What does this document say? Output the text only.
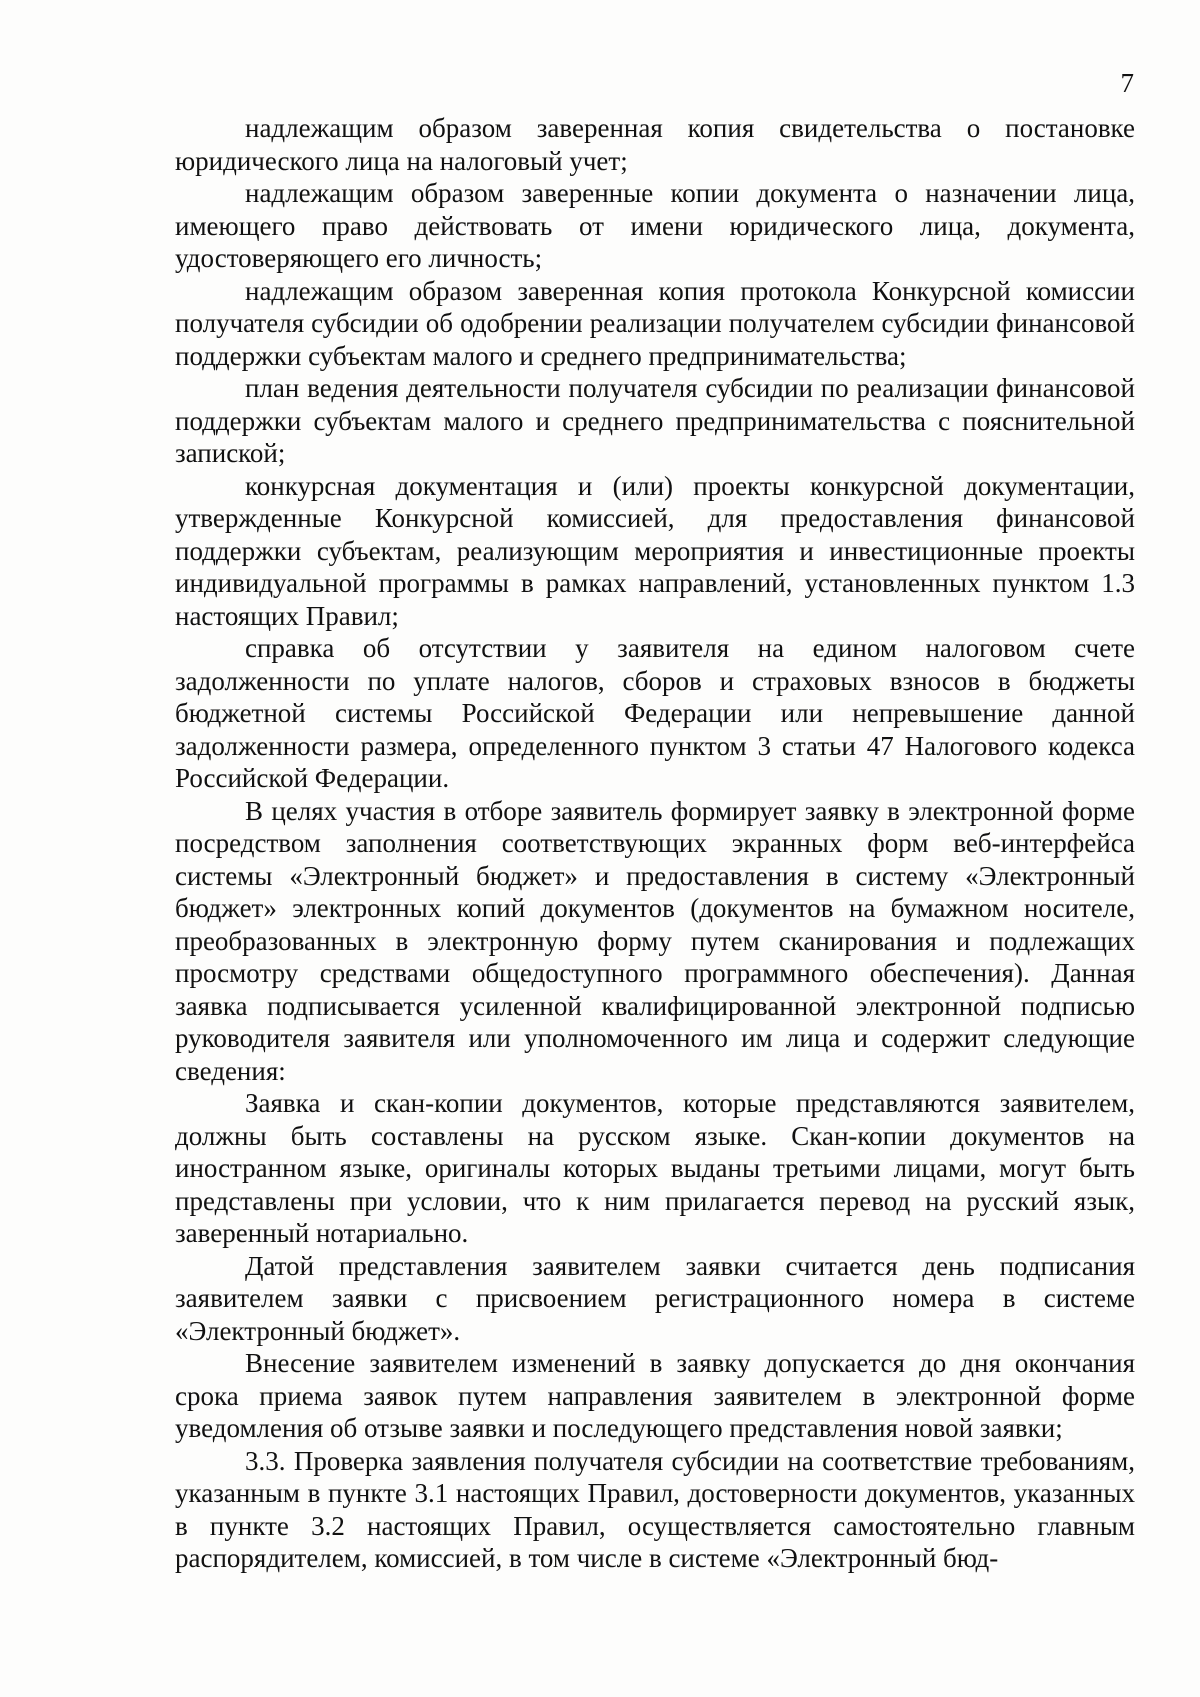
7

надлежащим образом заверенная копия свидетельства о постановке юридического лица на налоговый учет;

надлежащим образом заверенные копии документа о назначении лица, имеющего право действовать от имени юридического лица, документа, удостоверяющего его личность;

надлежащим образом заверенная копия протокола Конкурсной комиссии получателя субсидии об одобрении реализации получателем субсидии финансовой поддержки субъектам малого и среднего предпринимательства;

план ведения деятельности получателя субсидии по реализации финансовой поддержки субъектам малого и среднего предпринимательства с пояснительной запиской;

конкурсная документация и (или) проекты конкурсной документации, утвержденные Конкурсной комиссией, для предоставления финансовой поддержки субъектам, реализующим мероприятия и инвестиционные проекты индивидуальной программы в рамках направлений, установленных пунктом 1.3 настоящих Правил;

справка об отсутствии у заявителя на едином налоговом счете задолженности по уплате налогов, сборов и страховых взносов в бюджеты бюджетной системы Российской Федерации или непревышение данной задолженности размера, определенного пунктом 3 статьи 47 Налогового кодекса Российской Федерации.

В целях участия в отборе заявитель формирует заявку в электронной форме посредством заполнения соответствующих экранных форм веб-интерфейса системы «Электронный бюджет» и предоставления в систему «Электронный бюджет» электронных копий документов (документов на бумажном носителе, преобразованных в электронную форму путем сканирования и подлежащих просмотру средствами общедоступного программного обеспечения). Данная заявка подписывается усиленной квалифицированной электронной подписью руководителя заявителя или уполномоченного им лица и содержит следующие сведения:

Заявка и скан-копии документов, которые представляются заявителем, должны быть составлены на русском языке. Скан-копии документов на иностранном языке, оригиналы которых выданы третьими лицами, могут быть представлены при условии, что к ним прилагается перевод на русский язык, заверенный нотариально.

Датой представления заявителем заявки считается день подписания заявителем заявки с присвоением регистрационного номера в системе «Электронный бюджет».

Внесение заявителем изменений в заявку допускается до дня окончания срока приема заявок путем направления заявителем в электронной форме уведомления об отзыве заявки и последующего представления новой заявки;

3.3. Проверка заявления получателя субсидии на соответствие требованиям, указанным в пункте 3.1 настоящих Правил, достоверности документов, указанных в пункте 3.2 настоящих Правил, осуществляется самостоятельно главным распорядителем, комиссией, в том числе в системе «Электронный бюд-
